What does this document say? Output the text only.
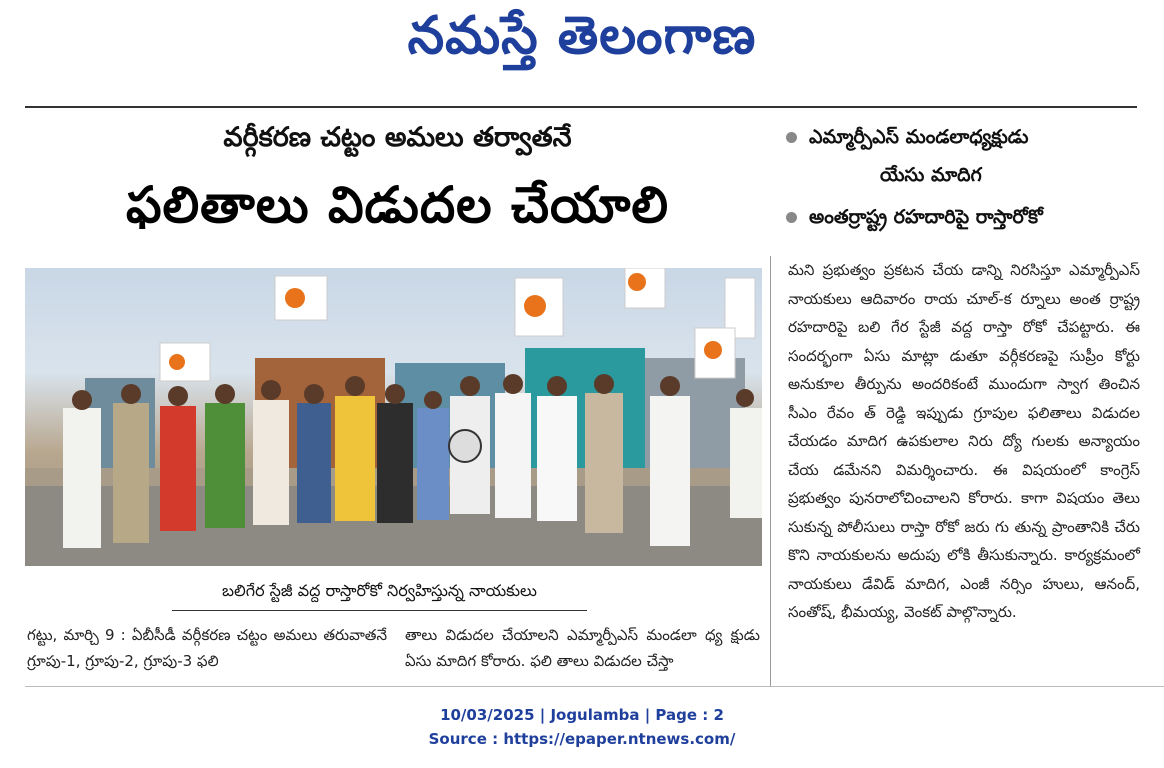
నమస్తే తెలంగాణ
వర్గీకరణ చట్టం అమలు తర్వాతనే
ఫలితాలు విడుదల చేయాలి
ఎమ్మార్పీఎస్ మండలాధ్యక్షుడు
యేసు మాదిగ
అంతర్రాష్ట్ర రహదారిపై రాస్తారోకో
బలిగేర స్టేజీ వద్ద రాస్తారోకో నిర్వహిస్తున్న నాయకులు
గట్టు, మార్చి 9 : ఏబీసీడీ వర్గీకరణ చట్టం అమలు తరువాతనే గ్రూపు-1, గ్రూపు-2, గ్రూపు-3 ఫలి
తాలు విడుదల చేయాలని ఎమ్మార్పీఎస్ మండలా ధ్య క్షుడు ఏసు మాదిగ కోరారు. ఫలి తాలు విడుదల చేస్తా
మని ప్రభుత్వం ప్రకటన చేయ డాన్ని నిరసిస్తూ ఎమ్మార్పీఎస్ నాయకులు ఆదివారం రాయ చూల్-క ర్నూలు అంత ర్రాష్ట్ర రహదారిపై బలి గేర స్టేజీ వద్ద రాస్తా రోకో చేపట్టారు. ఈ సందర్భంగా ఏసు మాట్లా డుతూ వర్గీకరణపై సుప్రీం కోర్టు అనుకూల తీర్పును అందరికంటే ముందుగా స్వాగ తించిన సీఎం రేవం త్ రెడ్డి ఇప్పుడు గ్రూపుల ఫలితాలు విడుదల చేయడం మాదిగ ఉపకులాల నిరు ద్యో గులకు అన్యాయం చేయ డమేనని విమర్శించారు. ఈ విషయంలో కాంగ్రెస్ ప్రభుత్వం పునరాలోచించాలని కోరారు. కాగా విషయం తెలు సుకున్న పోలీసులు రాస్తా రోకో జరు గు తున్న ప్రాంతానికి చేరు కొని నాయకులను అదుపు లోకి తీసుకున్నారు. కార్యక్రమంలో నాయకులు డేవిడ్ మాదిగ, ఎంజీ నర్సిం హులు, ఆనంద్, సంతోష్, భీమయ్య, వెంకట్ పాల్గొన్నారు.
10/03/2025 | Jogulamba | Page : 2
Source : https://epaper.ntnews.com/
